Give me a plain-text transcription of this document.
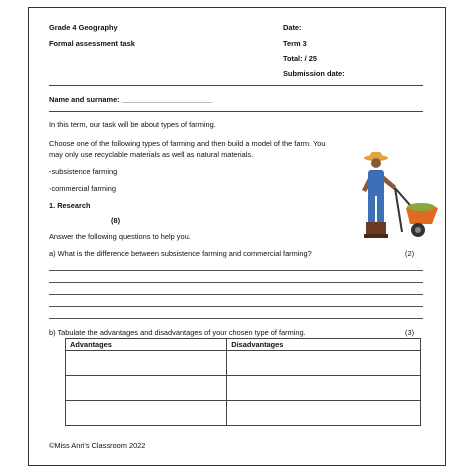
Grade 4 Geography
Formal assessment task
Date:
Term 3
Total: / 25
Submission date:
Name and surname: ______________________
In this term, our task will be about types of farming.
Choose one of the following types of farming and then build a model of the farm. You
may only use recyclable materials as well as natural materials.
-subsistence farming
-commercial farming
1. Research
(8)
Answer the following questions to help you.
a) What is the difference between subsistence farming and commercial farming?	(2)
b) Tabulate the advantages and disadvantages of your chosen type of farming.	(3)
Advantages	Disadvantages

©Miss Anri's Classroom 2022
